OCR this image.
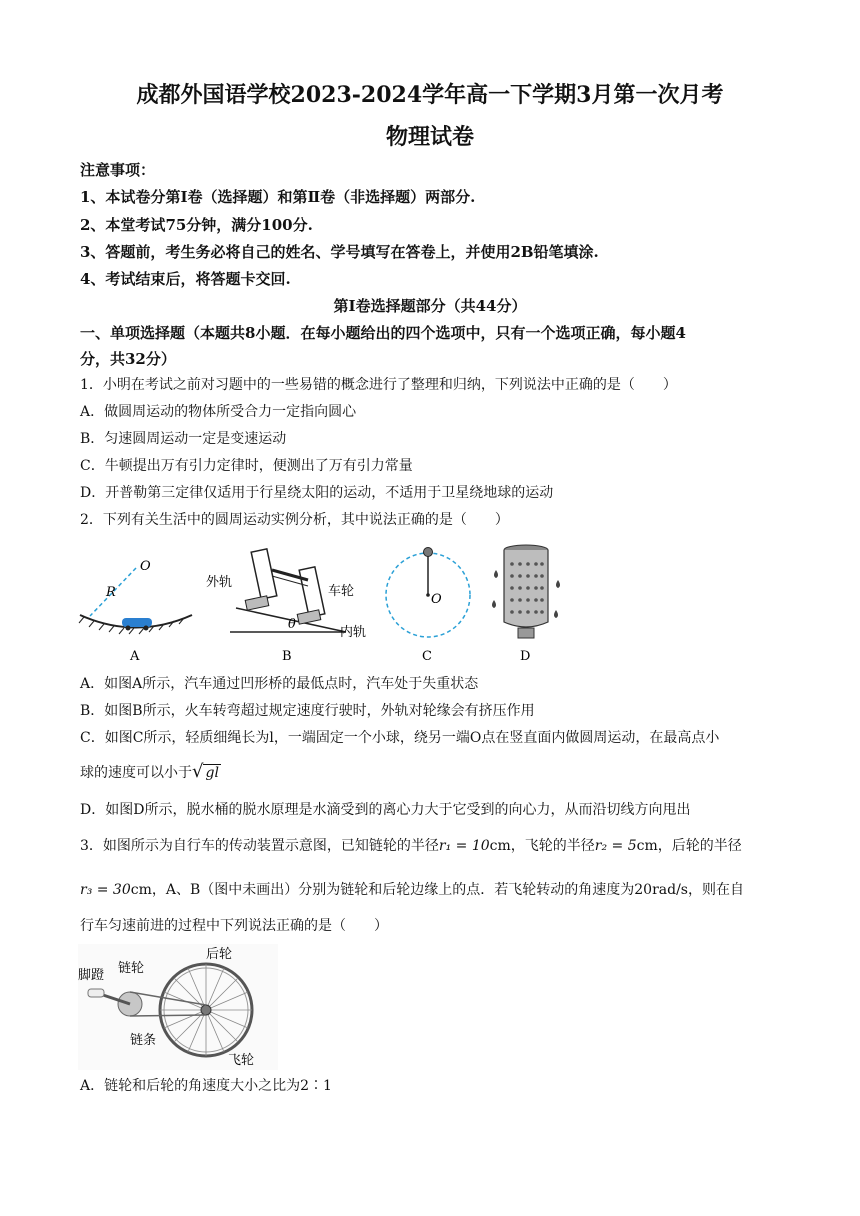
成都外国语学校2023-2024学年高一下学期3月第一次月考
物理试卷
注意事项：
1、本试卷分第Ⅰ卷（选择题）和第Ⅱ卷（非选择题）两部分.
2、本堂考试75分钟，满分100分.
3、答题前，考生务必将自己的姓名、学号填写在答卷上，并使用2B铅笔填涂.
4、考试结束后，将答题卡交回.
第Ⅰ卷选择题部分（共44分）
一、单项选择题（本题共8小题．在每小题给出的四个选项中，只有一个选项正确，每小题4
分，共32分）
1．小明在考试之前对习题中的一些易错的概念进行了整理和归纳，下列说法中正确的是（　　）
A．做圆周运动的物体所受合力一定指向圆心
B．匀速圆周运动一定是变速运动
C．牛顿提出万有引力定律时，便测出了万有引力常量
D．开普勒第三定律仅适用于行星绕太阳的运动，不适用于卫星绕地球的运动
2．下列有关生活中的圆周运动实例分析，其中说法正确的是（　　）
O
R
A
外轨
车轮
内轨
θ
B
O
C	D
A．如图A所示，汽车通过凹形桥的最低点时，汽车处于失重状态
B．如图B所示，火车转弯超过规定速度行驶时，外轨对轮缘会有挤压作用
C．如图C所示，轻质细绳长为l，一端固定一个小球，绕另一端O点在竖直面内做圆周运动，在最高点小
球的速度可以小于√ gl
D．如图D所示，脱水桶的脱水原理是水滴受到的离心力大于它受到的向心力，从而沿切线方向甩出
3．如图所示为自行车的传动装置示意图，已知链轮的半径r₁ = 10cm，飞轮的半径r₂ = 5cm，后轮的半径
r₃ = 30cm，A、B（图中未画出）分别为链轮和后轮边缘上的点．若飞轮转动的角速度为20rad/s，则在自
行车匀速前进的过程中下列说法正确的是（　　）
脚蹬 链轮
后轮
链条
飞轮
A．链轮和后轮的角速度大小之比为2∶1
